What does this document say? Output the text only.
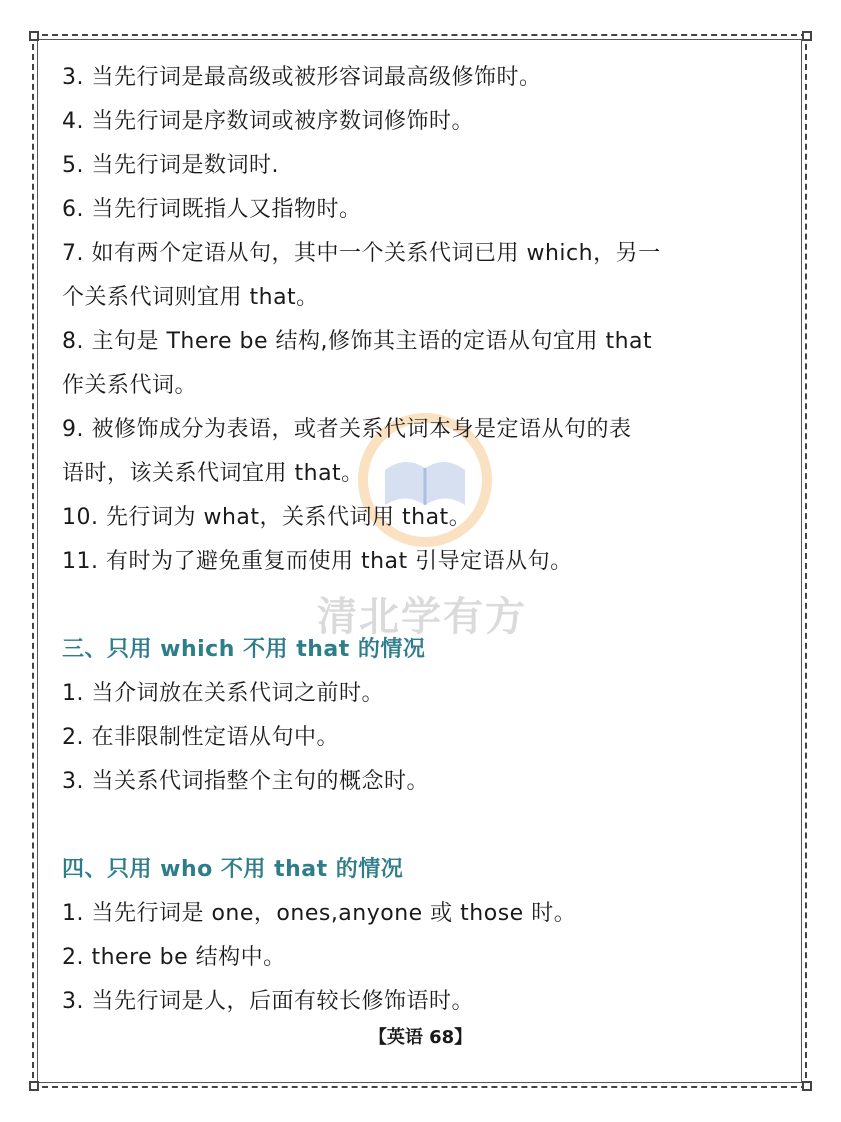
清北学有方
3. 当先行词是最高级或被形容词最高级修饰时。
4. 当先行词是序数词或被序数词修饰时。
5. 当先行词是数词时.
6. 当先行词既指人又指物时。
7. 如有两个定语从句，其中一个关系代词已用 which，另一
个关系代词则宜用 that。
8. 主句是 There be 结构,修饰其主语的定语从句宜用 that
作关系代词。
9. 被修饰成分为表语，或者关系代词本身是定语从句的表
语时，该关系代词宜用 that。
10. 先行词为 what，关系代词用 that。
11. 有时为了避免重复而使用 that 引导定语从句。
三、只用 which 不用 that 的情况
1. 当介词放在关系代词之前时。
2. 在非限制性定语从句中。
3. 当关系代词指整个主句的概念时。
四、只用 who 不用 that 的情况
1. 当先行词是 one，ones,anyone 或 those 时。
2. there be 结构中。
3. 当先行词是人，后面有较长修饰语时。
【英语 68】
